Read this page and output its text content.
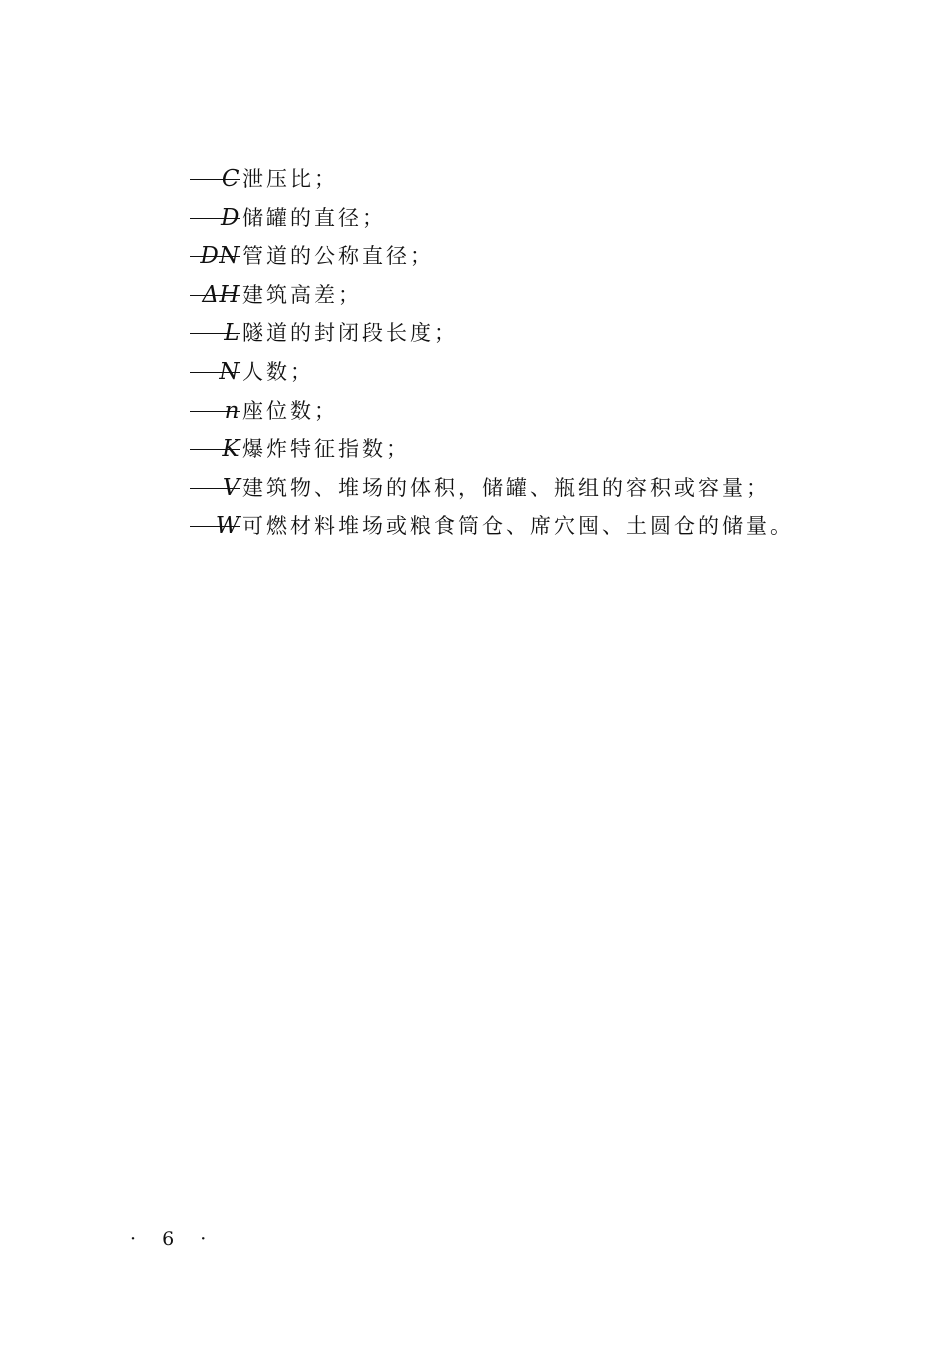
C 泄压比；
D 储罐的直径；
DN 管道的公称直径；
ΔH 建筑高差；
L 隧道的封闭段长度；
N 人数；
n 座位数；
K 爆炸特征指数；
V 建筑物、堆场的体积，储罐、瓶组的容积或容量；
W 可燃材料堆场或粮食筒仓、席穴囤、土圆仓的储量。
· 6 ·
